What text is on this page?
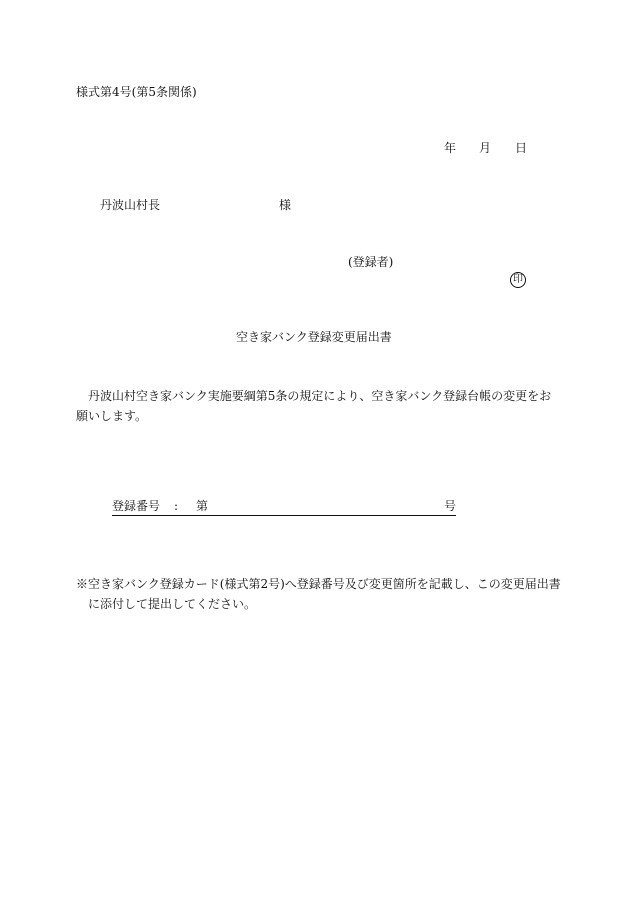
様式第4号(第5条関係)
年 月 日
丹波山村長	様
(登録者)
印
空き家バンク登録変更届出書
丹波山村空き家バンク実施要綱第5条の規定により、空き家バンク登録台帳の変更をお願いします。
登録番号 : 第	号
※空き家バンク登録カード(様式第2号)へ登録番号及び変更箇所を記載し、この変更届出書
に添付して提出してください。
